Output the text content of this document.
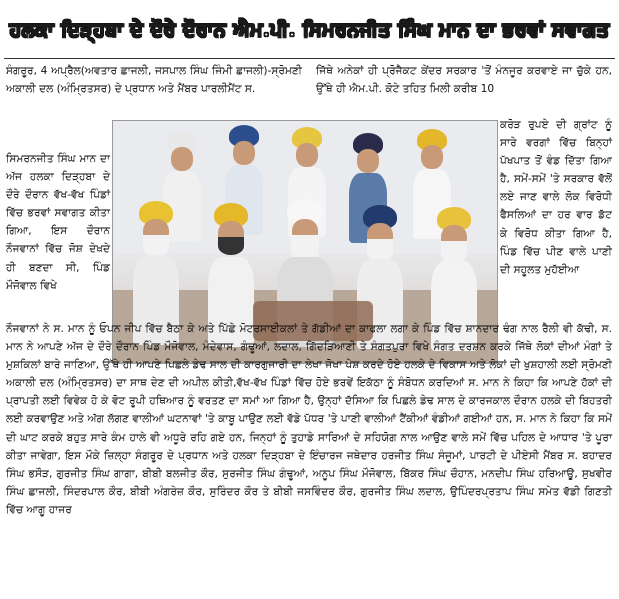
ਹਲਕਾ ਦਿੜ੍ਹਬਾ ਦੇ ਦੌਰੇ ਦੌਰਾਨ ਐਮ.ਪੀ. ਸਿਮਰਨਜੀਤ ਸਿੰਘ ਮਾਨ ਦਾ ਭਰਵਾਂ ਸਵਾਗਤ

ਸੰਗਰੂਰ, 4 ਅਪ੍ਰੈਲ(ਅਵਤਾਰ ਛਾਜਲੀ, ਜਸਪਾਲ ਸਿੰਘ ਜਿੰਮੀ ਛਾਜਲੀ)-ਸ੍ਰੋਮਣੀ ਅਕਾਲੀ ਦਲ (ਅੰਮ੍ਰਿਤਸਰ) ਦੇ ਪ੍ਰਧਾਨ ਅਤੇ ਮੈਂਬਰ ਪਾਰਲੀਮੈਂਟ ਸ.

ਸਿਮਰਨਜੀਤ ਸਿੰਘ ਮਾਨ ਦਾ ਅੱਜ ਹਲਕਾ ਦਿੜ੍ਹਬਾ ਦੇ ਦੌਰੇ ਦੌਰਾਨ ਵੱਖ-ਵੱਖ ਪਿੰਡਾਂ ਵਿੱਚ ਭਰਵਾਂ ਸਵਾਗਤ ਕੀਤਾ ਗਿਆ, ਇਸ ਦੌਰਾਨ ਨੌਜਵਾਨਾਂ ਵਿੱਚ ਜੋਸ਼ ਦੇਖਦੇ ਹੀ ਬਣਦਾ ਸੀ, ਪਿੰਡ ਮੌਜੋਵਾਲ ਵਿਖੇ

ਜਿੱਥੇ ਅਨੇਕਾਂ ਹੀ ਪ੍ਰੋਜੈਕਟ ਕੇਂਦਰ ਸਰਕਾਰ 'ਤੋਂ ਮੰਨਜੂਰ ਕਰਵਾਏ ਜਾ ਚੁੱਕੇ ਹਨ, ਉੱਥੇ ਹੀ ਐਮ.ਪੀ. ਕੋਟੇ ਤਹਿਤ ਮਿਲੀ ਕਰੀਬ 10

ਕਰੋੜ ਰੁਪਏ ਦੀ ਗ੍ਰਾਂਟ ਨੂੰ ਸਾਰੇ ਵਰਗਾਂ ਵਿੱਚ ਬਿਨ੍ਹਾਂ ਪੱਖਪਾਤ ਤੋਂ ਵੰਡ ਦਿੱਤਾ ਗਿਆ ਹੈ, ਸਮੇਂ-ਸਮੇਂ 'ਤੇ ਸਰਕਾਰ ਵੱਲੋਂ ਲਏ ਜਾਣ ਵਾਲੇ ਲੋਕ ਵਿਰੋਧੀ ਫੈਸਲਿਆਂ ਦਾ ਹਰ ਵਾਰ ਡੱਟ ਕੇ ਵਿਰੋਧ ਕੀਤਾ ਗਿਆ ਹੈ, ਪਿੰਡ ਵਿੱਚ ਪੀਣ ਵਾਲੇ ਪਾਣੀ ਦੀ ਸਹੂਲਤ ਮੁਹੱਈਆ

ਨੌਜਵਾਨਾਂ ਨੇ ਸ. ਮਾਨ ਨੂੰ ਓਪਨ ਜੀਪ ਵਿੱਚ ਬੈਠਾ ਕੇ ਅਤੇ ਪਿੱਛੇ ਮੋਟਰਸਾਈਕਲਾਂ ਤੇ ਗੱਡੀਆਂ ਦਾ ਕਾਫਲਾ ਲਗਾ ਕੇ ਪਿੰਡ ਵਿੱਚ ਸ਼ਾਨਦਾਰ ਢੰਗ ਨਾਲ ਰੈਲੀ ਵੀ ਕੱਢੀ, ਸ. ਮਾਨ ਨੇ ਆਪਣੇ ਅੱਜ ਦੇ ਦੌਰੇ ਦੌਰਾਨ ਪਿੰਡ ਮੌਜੋਵਾਲ, ਮੰਦੇਵਾਸ, ਗੰਢੂਆਂ, ਲਦਾਲ, ਗਿੱਦੜਿਆਣੀ ਤੇ ਸੰਗਤਪੁਰਾ ਵਿਖੇ ਸੰਗਤ ਦਰਸ਼ਨ ਕਰਕੇ ਜਿੱਥੇ ਲੋਕਾਂ ਦੀਆਂ ਮੰਗਾਂ ਤੇ ਮੁਸ਼ਕਿਲਾਂ ਬਾਰੇ ਜਾਣਿਆ, ਉੱਥੇ ਹੀ ਆਪਣੇ ਪਿਛਲੇ ਡੇਢ ਸਾਲ ਦੀ ਕਾਰਗੁਜਾਰੀ ਦਾ ਲੇਖਾ ਜੋਖਾ ਪੇਸ਼ ਕਰਦੇ ਹੋਏ ਹਲਕੇ ਦੇ ਵਿਕਾਸ ਅਤੇ ਲੋਕਾਂ ਦੀ ਖੁਸ਼ਹਾਲੀ ਲਈ ਸ੍ਰੋਮਣੀ ਅਕਾਲੀ ਦਲ (ਅੰਮ੍ਰਿਤਸਰ) ਦਾ ਸਾਥ ਦੇਣ ਦੀ ਅਪੀਲ ਕੀਤੀ,ਵੱਖ-ਵੱਖ ਪਿੰਡਾਂ ਵਿੱਚ ਹੋਏ ਭਰਵੇਂ ਇਕੱਠਾ ਨੂੰ ਸੰਬੋਧਨ ਕਰਦਿਆਂ ਸ. ਮਾਨ ਨੇ ਕਿਹਾ ਕਿ ਆਪਣੇ ਹੱਕਾਂ ਦੀ ਪ੍ਰਾਪਤੀ ਲਈ ਵਿਵੇਕ ਹੋ ਕੇ ਵੋਟ ਰੂਪੀ ਹਥਿਆਰ ਨੂੰ ਵਰਤਣ ਦਾ ਸਮਾਂ ਆ ਗਿਆ ਹੈ, ਉਨ੍ਹਾਂ ਦੱਸਿਆ ਕਿ ਪਿਛਲੇ ਡੇਢ ਸਾਲ ਦੇ ਕਾਰਜਕਾਲ ਦੌਰਾਨ ਹਲਕੇ ਦੀ ਬਿਹਤਰੀ ਲਈ ਕਰਵਾਉਣ ਅਤੇ ਅੱਗ ਲੱਗਣ ਵਾਲੀਆਂ ਘਟਨਾਵਾਂ 'ਤੇ ਕਾਬੂ ਪਾਉਣ ਲਈ ਵੱਡੇ ਪੱਧਰ 'ਤੇ ਪਾਣੀ ਵਾਲੀਆਂ ਟੈਂਕੀਆਂ ਵੰਡੀਆਂ ਗਈਆਂ ਹਨ, ਸ. ਮਾਨ ਨੇ ਕਿਹਾ ਕਿ ਸਮੇਂ ਦੀ ਘਾਟ ਕਰਕੇ ਬਹੁਤ ਸਾਰੇ ਕੰਮ ਹਾਲੇ ਵੀ ਅਧੂਰੇ ਰਹਿ ਗਏ ਹਨ, ਜਿਨ੍ਹਾਂ ਨੂੰ ਤੁਹਾਡੇ ਸਾਰਿਆਂ ਦੇ ਸਹਿਯੋਗ ਨਾਲ ਆਉਣ ਵਾਲੇ ਸਮੇਂ ਵਿੱਚ ਪਹਿਲ ਦੇ ਆਧਾਰ 'ਤੇ ਪੂਰਾ ਕੀਤਾ ਜਾਵੇਗਾ, ਇਸ ਮੌਕੇ ਜ਼ਿਲ੍ਹਾ ਸੰਗਰੂਰ ਦੇ ਪ੍ਰਧਾਨ ਅਤੇ ਹਲਕਾ ਦਿੜ੍ਹਬਾ ਦੇ ਇੰਚਾਰਜ ਜਥੇਦਾਰ ਹਰਜੀਤ ਸਿੰਘ ਸੰਜੂਮਾਂ, ਪਾਰਟੀ ਦੇ ਪੀਏਸੀ ਮੈਂਬਰ ਸ. ਬਹਾਦਰ ਸਿੰਘ ਭਸੌੜ, ਗੁਰਜੀਤ ਸਿੰਘ ਗਾਗਾ, ਬੀਬੀ ਬਲਜੀਤ ਕੌਰ, ਸੁਰਜੀਤ ਸਿੰਘ ਗੰਢੂਆਂ, ਅਨੂਪ ਸਿੰਘ ਮੌਜੋਵਾਲ, ਬਿੱਕਰ ਸਿੰਘ ਚੌਹਾਨ, ਮਨਦੀਪ ਸਿੰਘ ਹਰਿਆਊ, ਸੁਖਵੀਰ ਸਿੰਘ ਛਾਜਲੀ, ਸਿੰਦਰਪਾਲ ਕੌਰ, ਬੀਬੀ ਅੰਗਰੇਜ਼ ਕੌਰ, ਸੁਰਿੰਦਰ ਕੌਰ ਤੇ ਬੀਬੀ ਜਸਵਿੰਦਰ ਕੌਰ, ਗੁਰਜੀਤ ਸਿੰਘ ਲਦਾਲ, ਉਪਿੰਦਰਪ੍ਰਤਾਪ ਸਿੰਘ ਸਮੇਤ ਵੱਡੀ ਗਿਣਤੀ ਵਿੱਚ ਆਗੂ ਹਾਜਰ
